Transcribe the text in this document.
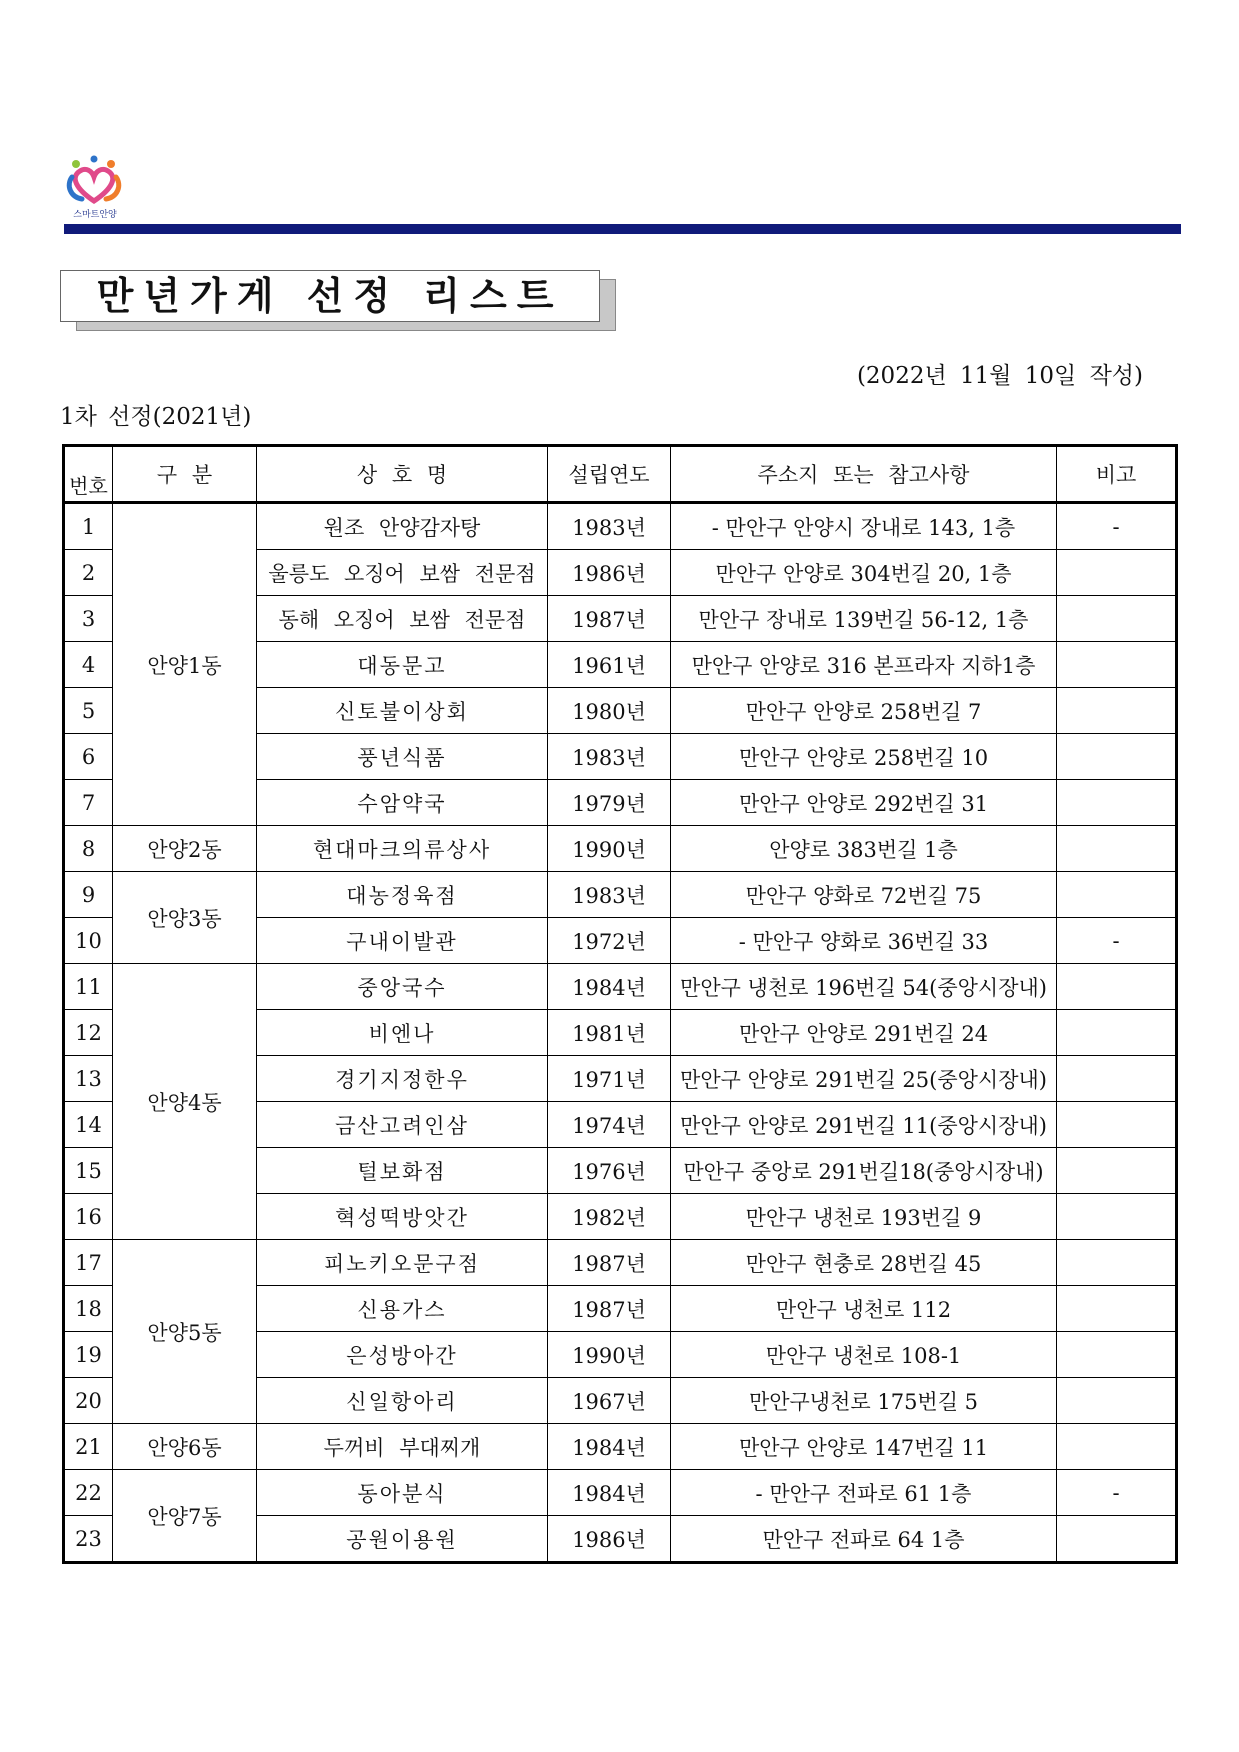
스마트안양
만년가게 선정 리스트
(2022년 11월 10일 작성)
1차 선정(2021년)
번호	구 분	상 호 명	설립연도	주소지 또는 참고사항	비고
1	안양1동	원조 안양감자탕	1983년	- 만안구 안양시 장내로 143, 1층	-
2		울릉도 오징어 보쌈 전문점	1986년	만안구 안양로 304번길 20, 1층	
3		동해 오징어 보쌈 전문점	1987년	만안구 장내로 139번길 56-12, 1층	
4		대동문고	1961년	만안구 안양로 316 본프라자 지하1층	
5		신토불이상회	1980년	만안구 안양로 258번길 7	
6		풍년식품	1983년	만안구 안양로 258번길 10	
7		수암약국	1979년	만안구 안양로 292번길 31	
8	안양2동	현대마크의류상사	1990년	안양로 383번길 1층	
9	안양3동	대농정육점	1983년	만안구 양화로 72번길 75	
10		구내이발관	1972년	- 만안구 양화로 36번길 33	-
11	안양4동	중앙국수	1984년	만안구 냉천로 196번길 54(중앙시장내)	
12		비엔나	1981년	만안구 안양로 291번길 24	
13		경기지정한우	1971년	만안구 안양로 291번길 25(중앙시장내)	
14		금산고려인삼	1974년	만안구 안양로 291번길 11(중앙시장내)	
15		털보화점	1976년	만안구 중앙로 291번길18(중앙시장내)	
16		혁성떡방앗간	1982년	만안구 냉천로 193번길 9	
17	안양5동	피노키오문구점	1987년	만안구 현충로 28번길 45	
18		신용가스	1987년	만안구 냉천로 112	
19		은성방아간	1990년	만안구 냉천로 108-1	
20		신일항아리	1967년	만안구냉천로 175번길 5	
21	안양6동	두꺼비 부대찌개	1984년	만안구 안양로 147번길 11	
22	안양7동	동아분식	1984년	- 만안구 전파로 61 1층	-
23		공원이용원	1986년	만안구 전파로 64 1층	
